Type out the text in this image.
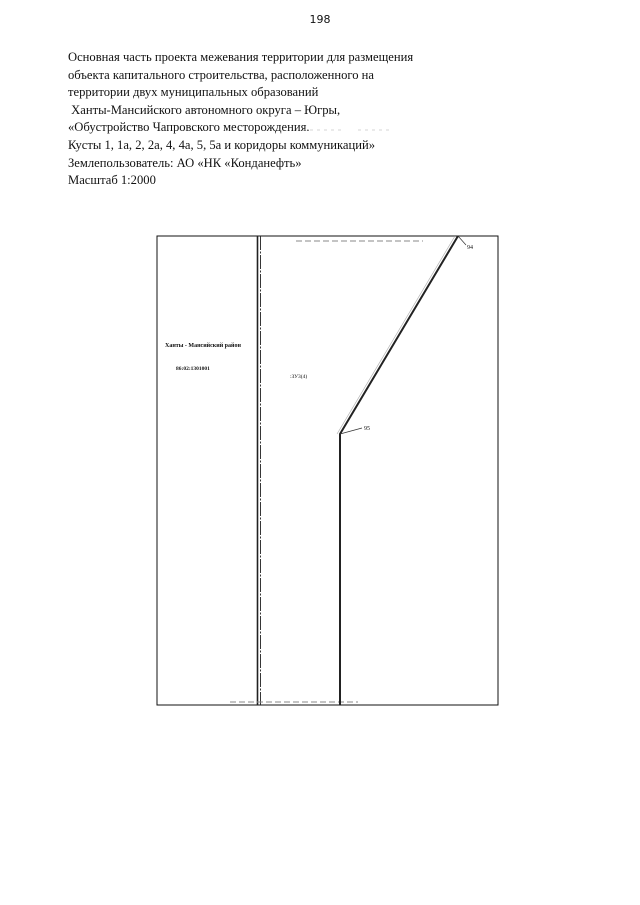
198
Основная часть проекта межевания территории для размещения
объекта капитального строительства, расположенного на
территории двух муниципальных образований
Ханты-Мансийского автономного округа – Югры,
«Обустройство Чапровского месторождения.
Кусты 1, 1а, 2, 2а, 4, 4а, 5, 5а и коридоры коммуникаций»
Землепользователь: АО «НК «Конданефть»
Масштаб 1:2000
94
95
Ханты - Мансийский район
86:02:1301001
:ЗУ3(4)
